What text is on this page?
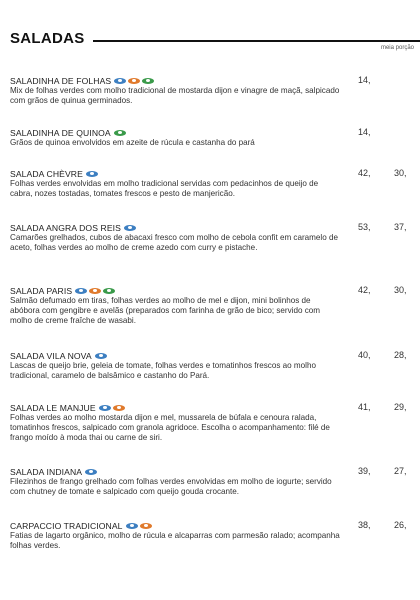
SALADAS
meia porção
SALADINHA DE FOLHAS
Mix de folhas verdes com molho tradicional de mostarda dijon e vinagre de maçã, salpicado com grãos de quinua germinados.
14,
SALADINHA DE QUINOA
Grãos de quinoa envolvidos em azeite de rúcula e castanha do pará
14,
SALADA CHÈVRE
Folhas verdes envolvidas em molho tradicional servidas com pedacinhos de queijo de cabra, nozes tostadas, tomates frescos e pesto de manjericão.
42,	30,
SALADA ANGRA DOS REIS
Camarões grelhados, cubos de abacaxi fresco com molho de cebola confit em caramelo de aceto, folhas verdes ao molho de creme azedo com curry e pistache.
53,	37,
SALADA PARIS
Salmão defumado em tiras, folhas verdes ao molho de mel e dijon, mini bolinhos de abóbora com gengibre e avelãs (preparados com farinha de grão de bico; servido com molho de creme fraîche de wasabi.
42,	30,
SALADA VILA NOVA
Lascas de queijo brie, geleia de tomate, folhas verdes e tomatinhos frescos ao molho tradicional, caramelo de balsâmico e castanho do Pará.
40,	28,
SALADA LE MANJUE
Folhas verdes ao molho mostarda dijon e mel, mussarela de búfala e cenoura ralada, tomatinhos frescos, salpicado com granola agridoce. Escolha o acompanhamento: filé de frango moído à moda thai ou carne de siri.
41,	29,
SALADA INDIANA
Filezinhos de frango grelhado com folhas verdes envolvidas em molho de iogurte; servido com chutney de tomate e salpicado com queijo gouda crocante.
39,	27,
CARPACCIO TRADICIONAL
Fatias de lagarto orgânico, molho de rúcula e alcaparras com parmesão ralado; acompanha folhas verdes.
38,	26,
